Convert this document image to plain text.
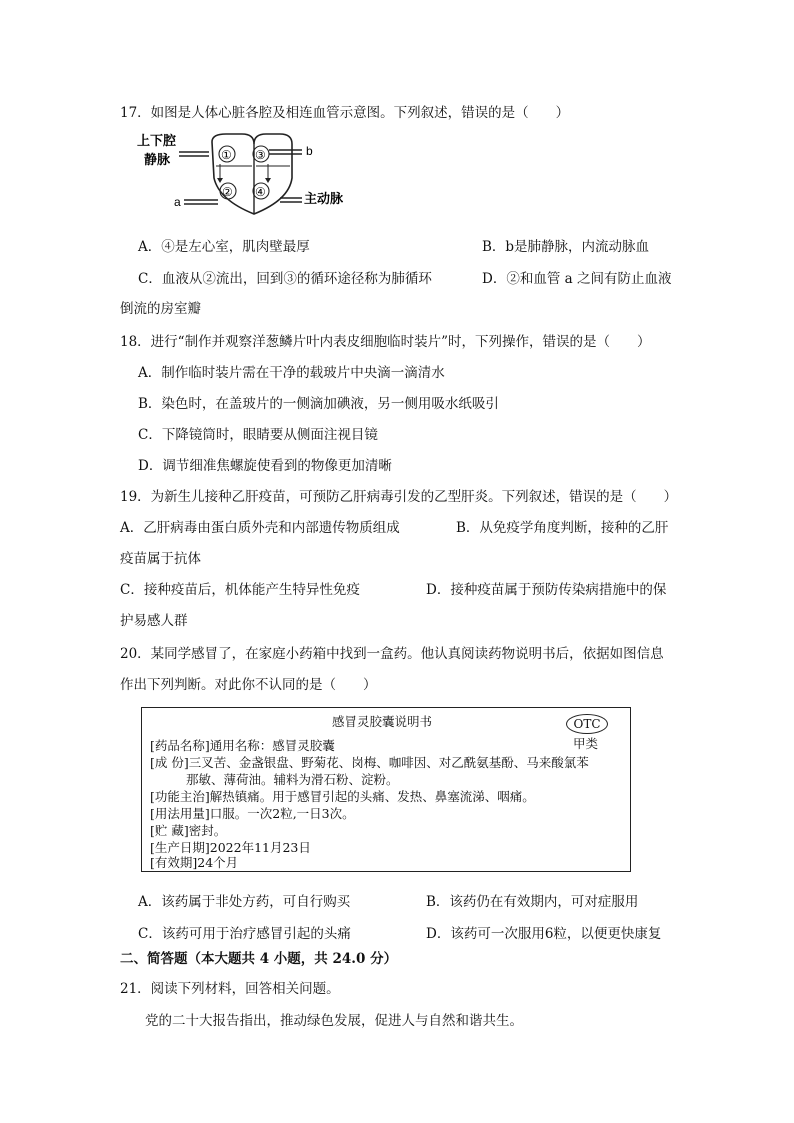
17．如图是人体心脏各腔及相连血管示意图。下列叙述，错误的是（　　）
上下腔
静脉	① ③
② ④
b
a	主动脉
A．④是左心室，肌肉壁最厚	B．b是肺静脉，内流动脉血
C．血液从②流出，回到③的循环途径称为肺循环	D．②和血管 a 之间有防止血液
倒流的房室瓣
18．进行“制作并观察洋葱鳞片叶内表皮细胞临时装片”时，下列操作，错误的是（　　）
A．制作临时装片需在干净的载玻片中央滴一滴清水
B．染色时，在盖玻片的一侧滴加碘液，另一侧用吸水纸吸引
C．下降镜筒时，眼睛要从侧面注视目镜
D．调节细准焦螺旋使看到的物像更加清晰
19．为新生儿接种乙肝疫苗，可预防乙肝病毒引发的乙型肝炎。下列叙述，错误的是（　　）
A．乙肝病毒由蛋白质外壳和内部遗传物质组成	B．从免疫学角度判断，接种的乙肝
疫苗属于抗体
C．接种疫苗后，机体能产生特异性免疫	D．接种疫苗属于预防传染病措施中的保
护易感人群
20．某同学感冒了，在家庭小药箱中找到一盒药。他认真阅读药物说明书后，依据如图信息
作出下列判断。对此你不认同的是（　　）
感冒灵胶囊说明书	OTC
甲类
[药品名称]通用名称：感冒灵胶囊
[成 份]三叉苦、金盏银盘、野菊花、岗梅、咖啡因、对乙酰氨基酚、马来酸氯苯
那敏、薄荷油。辅料为滑石粉、淀粉。
[功能主治]解热镇痛。用于感冒引起的头痛、发热、鼻塞流涕、咽痛。
[用法用量]口服。一次2粒,一日3次。
[贮 藏]密封。
[生产日期]2022年11月23日
[有效期]24个月
A．该药属于非处方药，可自行购买	B．该药仍在有效期内，可对症服用
C．该药可用于治疗感冒引起的头痛	D．该药可一次服用6粒，以便更快康复
二、简答题（本大题共 4 小题，共 24.0 分）
21．阅读下列材料，回答相关问题。
党的二十大报告指出，推动绿色发展，促进人与自然和谐共生。
